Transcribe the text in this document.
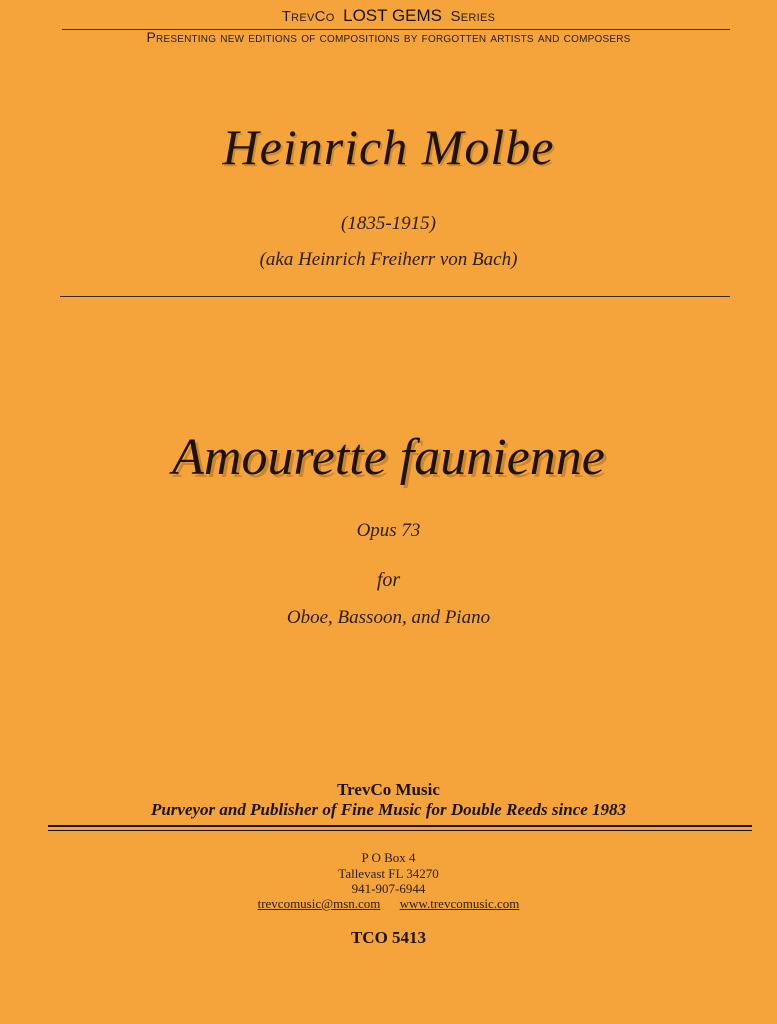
TrevCo LOST GEMS Series
Presenting new editions of compositions by forgotten artists and composers
Heinrich Molbe
(1835-1915)
(aka Heinrich Freiherr von Bach)
Amourette faunienne
Opus 73
for
Oboe, Bassoon, and Piano
TrevCo Music
Purveyor and Publisher of Fine Music for Double Reeds since 1983
P O Box 4
Tallevast FL 34270
941-907-6944
trevcomusic@msn.com www.trevcomusic.com
TCO 5413
